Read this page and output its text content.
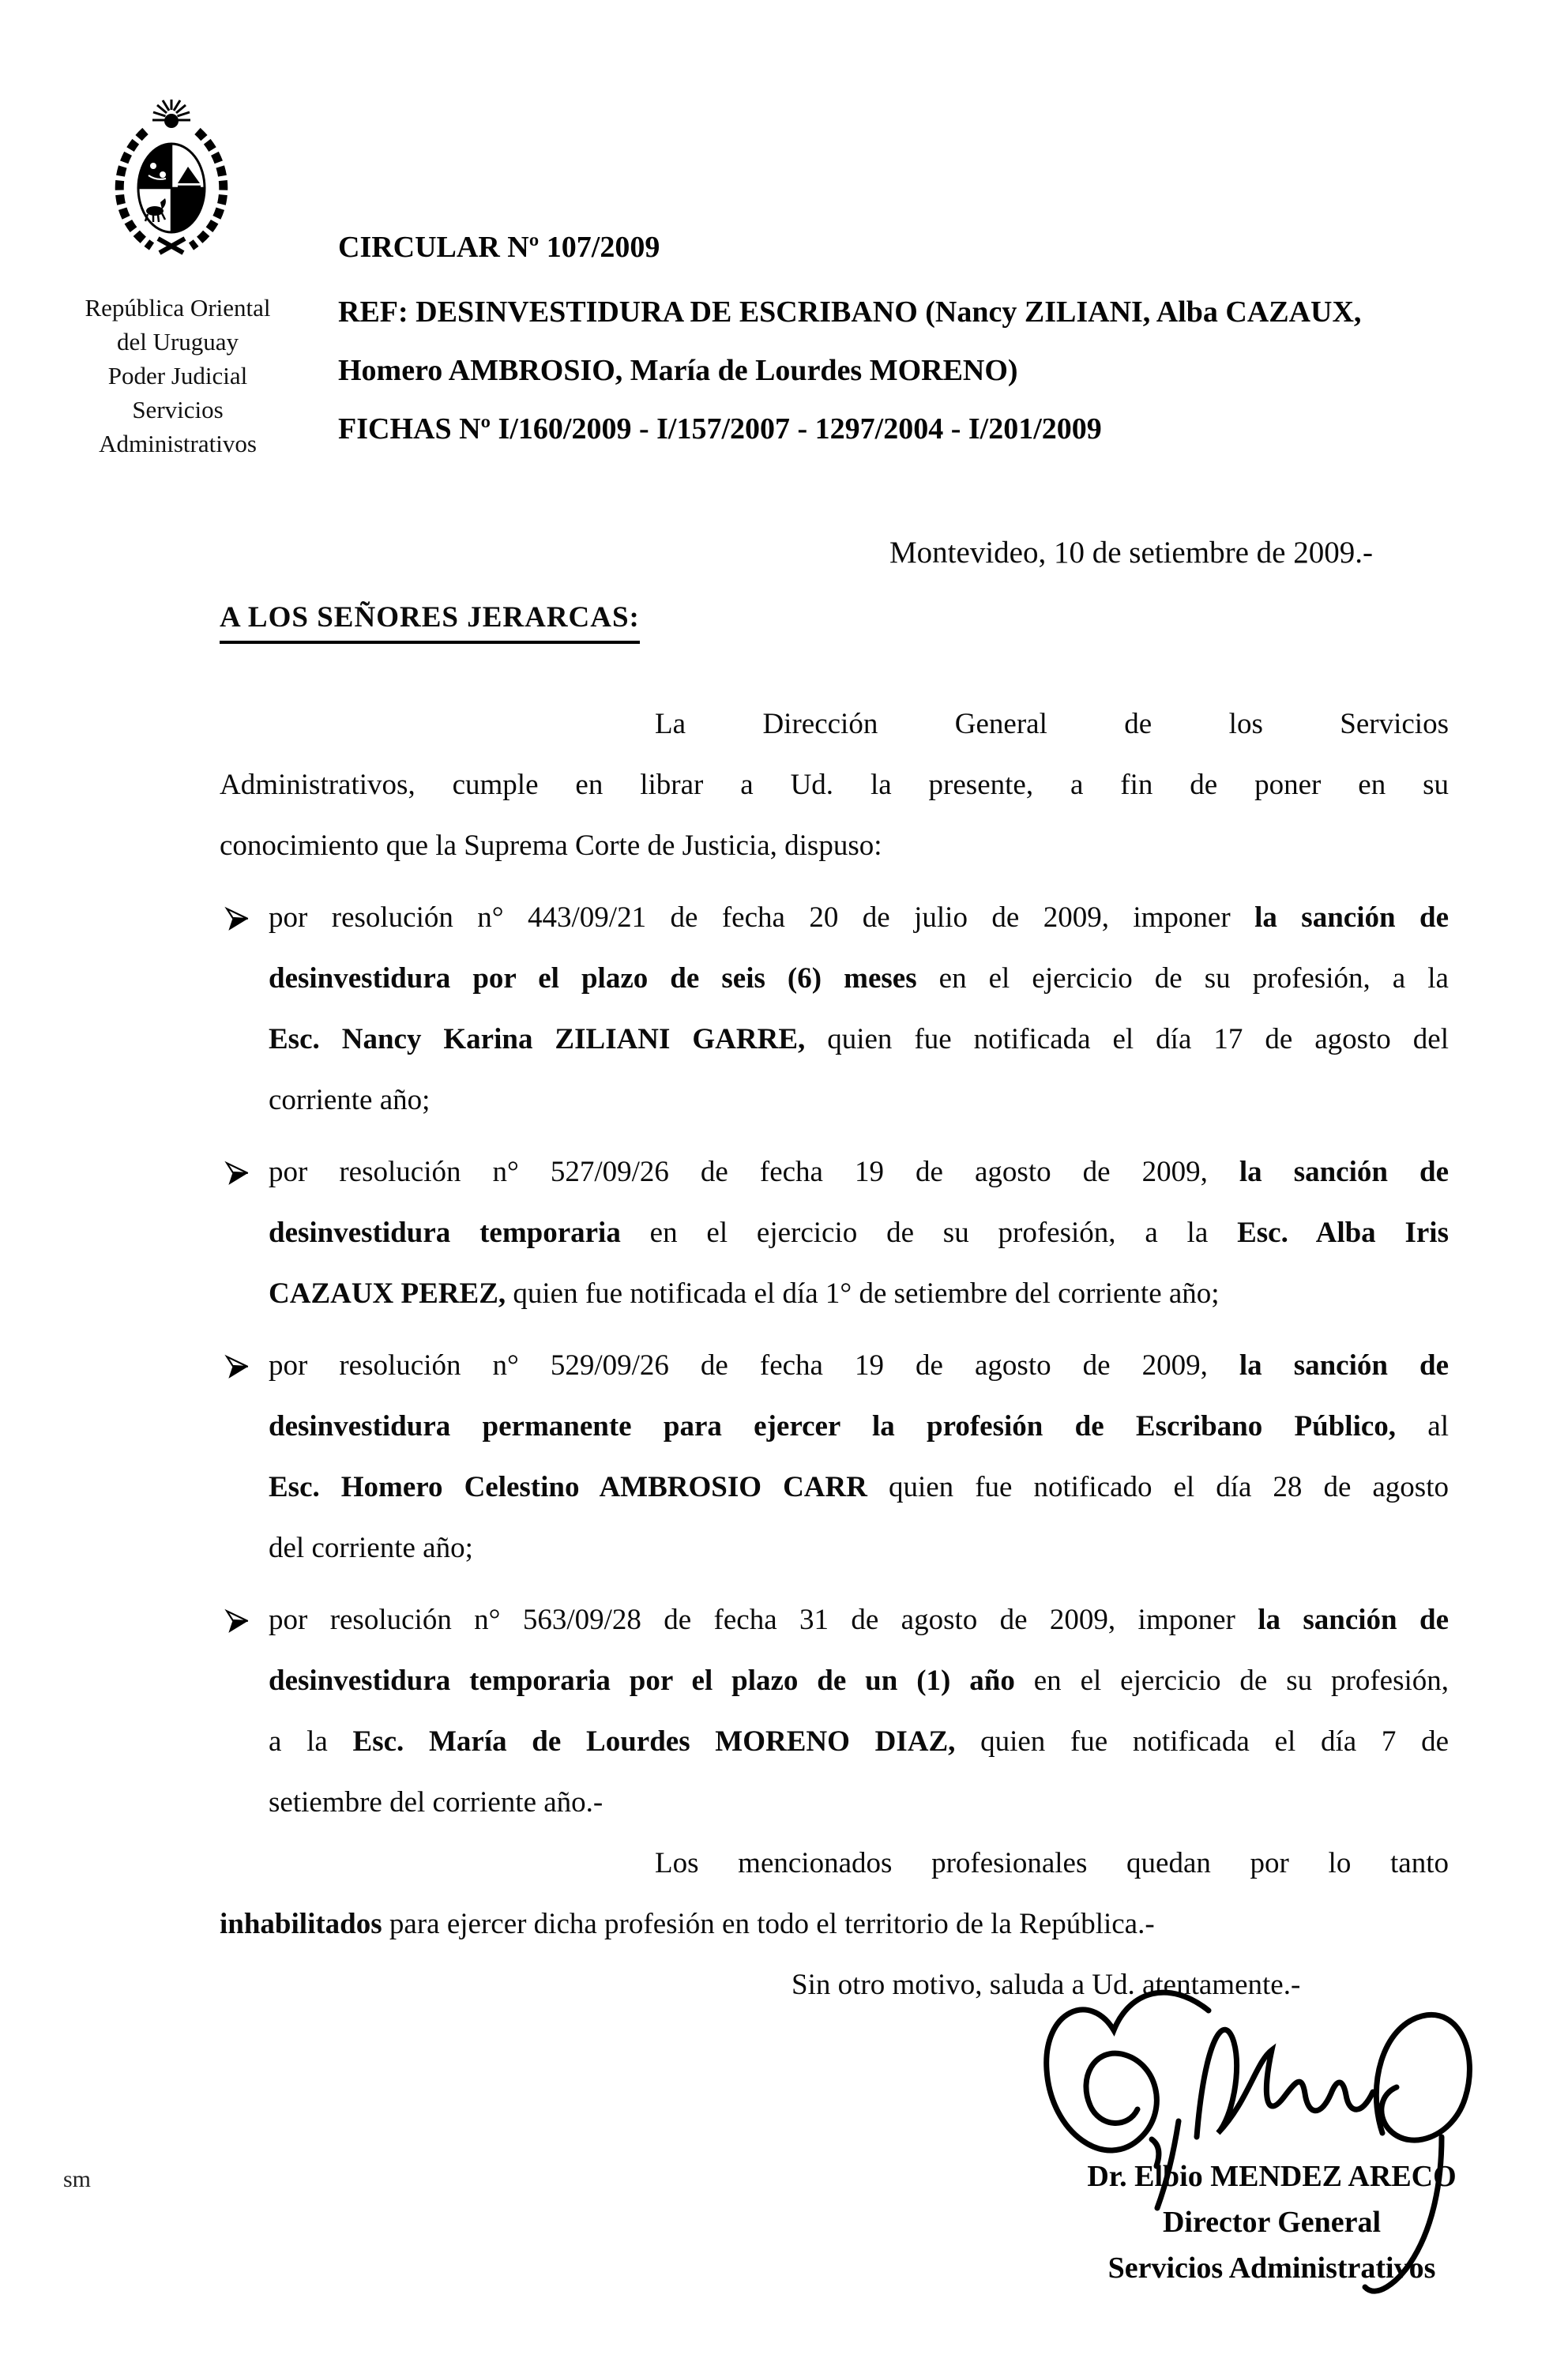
República Oriental
del Uruguay
Poder Judicial
Servicios
Administrativos
CIRCULAR Nº 107/2009
REF: DESINVESTIDURA DE ESCRIBANO (Nancy ZILIANI, Alba CAZAUX,
Homero AMBROSIO, María de Lourdes MORENO)
FICHAS Nº I/160/2009 - I/157/2007 - 1297/2004 - I/201/2009
Montevideo, 10 de setiembre de 2009.-
A LOS SEÑORES JERARCAS:
La Dirección General de los Servicios
Administrativos, cumple en librar a Ud. la presente, a fin de poner en su
conocimiento que la Suprema Corte de Justicia, dispuso:
por resolución n° 443/09/21 de fecha 20 de julio de 2009, imponer la sanción de
desinvestidura por el plazo de seis (6) meses en el ejercicio de su profesión, a la
Esc. Nancy Karina ZILIANI GARRE, quien fue notificada el día 17 de agosto del
corriente año;
por resolución n° 527/09/26 de fecha 19 de agosto de 2009, la sanción de
desinvestidura temporaria en el ejercicio de su profesión, a la Esc. Alba Iris
CAZAUX PEREZ, quien fue notificada el día 1° de setiembre del corriente año;
por resolución n° 529/09/26 de fecha 19 de agosto de 2009, la sanción de
desinvestidura permanente para ejercer la profesión de Escribano Público, al
Esc. Homero Celestino AMBROSIO CARR quien fue notificado el día 28 de agosto
del corriente año;
por resolución n° 563/09/28 de fecha 31 de agosto de 2009, imponer la sanción de
desinvestidura temporaria por el plazo de un (1) año en el ejercicio de su profesión,
a la Esc. María de Lourdes MORENO DIAZ, quien fue notificada el día 7 de
setiembre del corriente año.-
Los mencionados profesionales quedan por lo tanto
inhabilitados para ejercer dicha profesión en todo el territorio de la República.-
Sin otro motivo, saluda a Ud. atentamente.-
Dr. Elbio MENDEZ ARECO
Director General
Servicios Administrativos
sm
